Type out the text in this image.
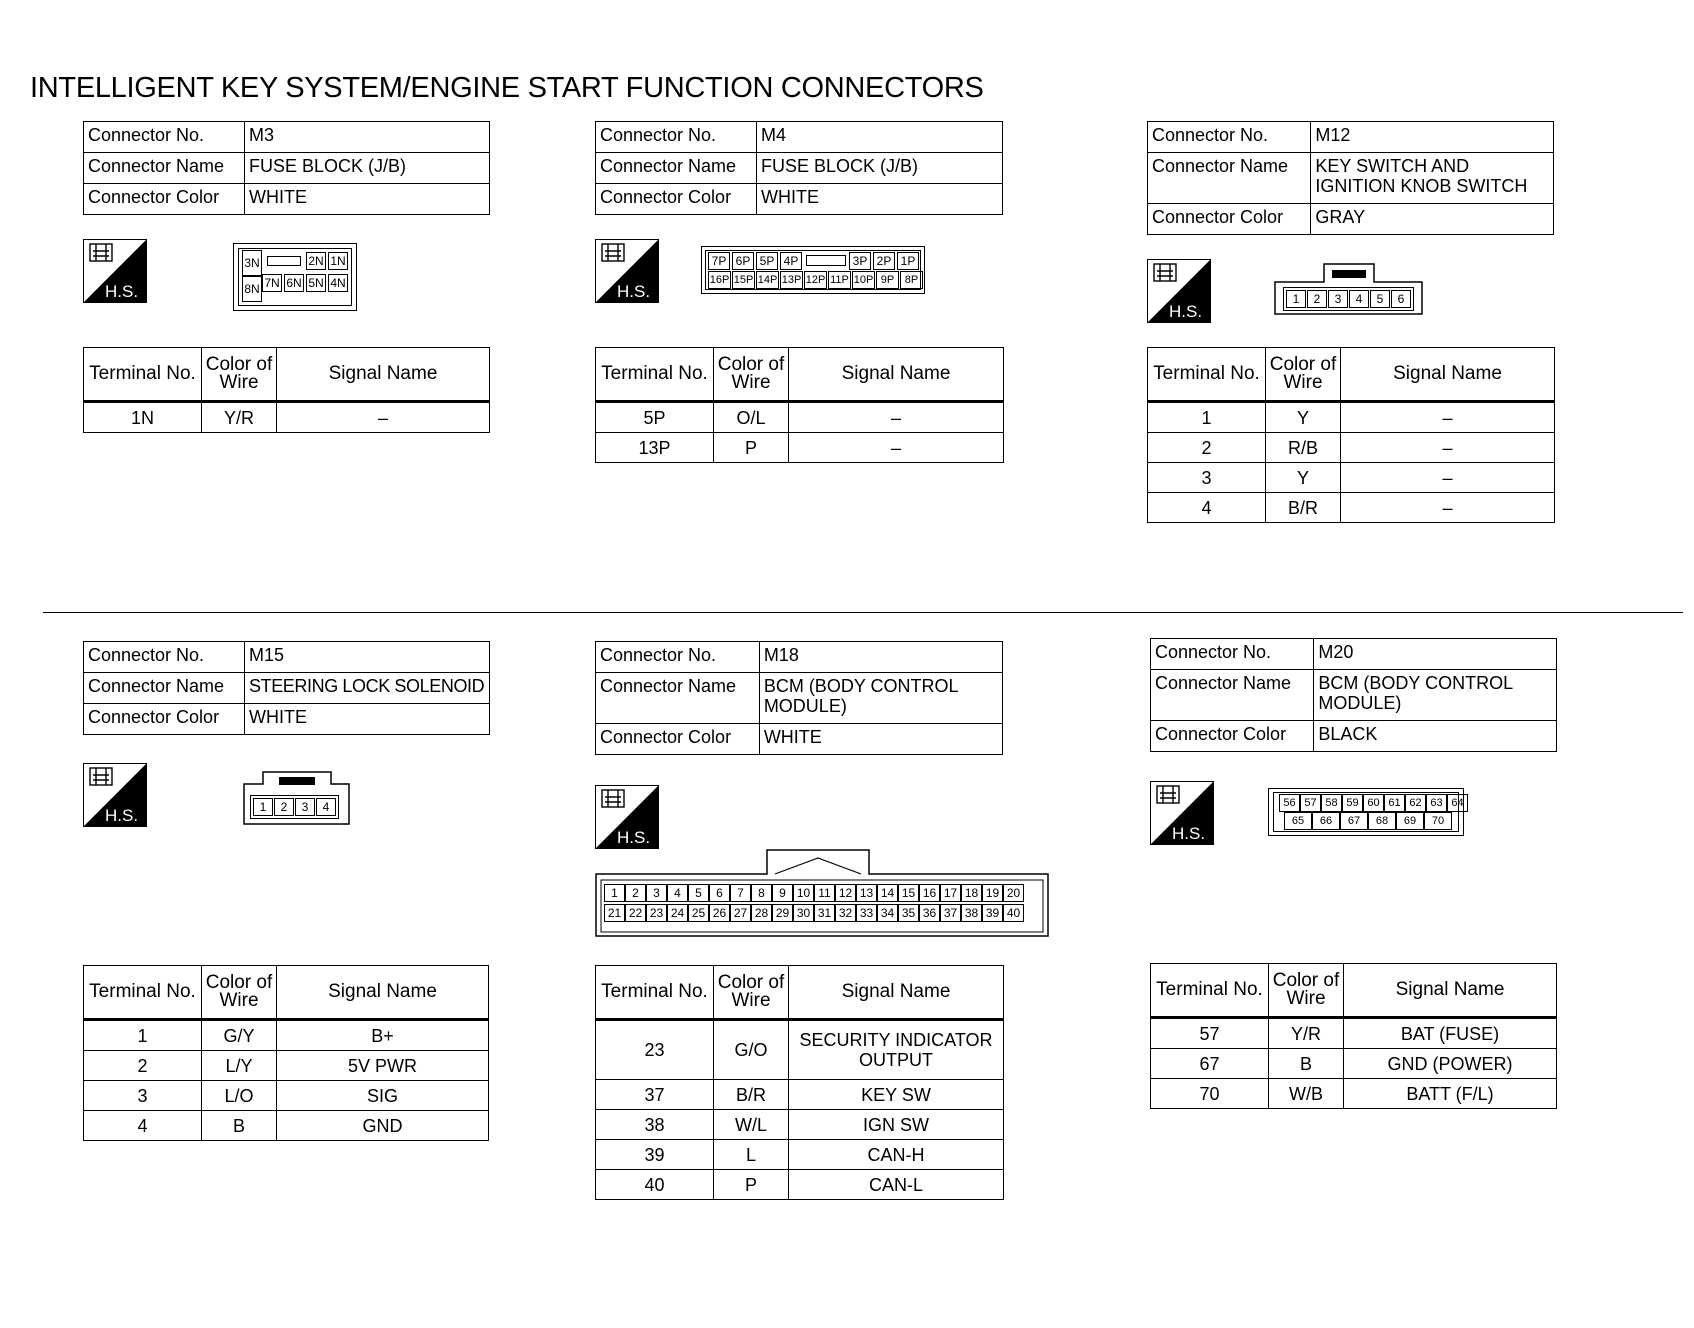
INTELLIGENT KEY SYSTEM/ENGINE START FUNCTION CONNECTORS
Connector No.	M3
Connector Name	FUSE BLOCK (J/B)
Connector Color	WHITE
H.S.
3N
8N
2N 1N
7N 6N 5N 4N
Terminal No.	Color of Wire	Signal Name
1N	Y/R	–
Connector No.	M4
Connector Name	FUSE BLOCK (J/B)
Connector Color	WHITE
H.S.
7P 6P 5P 4P	3P 2P 1P
16P 15P 14P 13P 12P 11P 10P 9P 8P
Terminal No.	Color of Wire	Signal Name
5P	O/L	–
13P	P	–
Connector No.	M12
Connector Name	KEY SWITCH AND IGNITION KNOB SWITCH
Connector Color	GRAY
H.S.
1	2	3	4	5	6
Terminal No.	Color of Wire	Signal Name
1	Y	–
2	R/B	–
3	Y	–
4	B/R	–
Connector No.	M15
Connector Name	STEERING LOCK SOLENOID
Connector Color	WHITE
H.S.	1	2	3	4
Terminal No.	Color of Wire	Signal Name
1	G/Y	B+
2	L/Y	5V PWR
3	L/O	SIG
4	B	GND
Connector No.	M18
Connector Name	BCM (BODY CONTROL MODULE)
Connector Color	WHITE
H.S.
1	2	3	4	5	6	7	8	9 10 11 12 13 14 15 16 17 18 19 20
21 22 23 24 25 26 27 28 29 30 31 32 33 34 35 36 37 38 39 40
Terminal No.	Color of Wire	Signal Name
23	G/O	SECURITY INDICATOR OUTPUT
37	B/R	KEY SW
38	W/L	IGN SW
39	L	CAN-H
40	P	CAN-L
Connector No.	M20
Connector Name	BCM (BODY CONTROL MODULE)
Connector Color	BLACK
H.S.
56 57 58 59 60 61 62 63 64
65	66	67	68	69	70
Terminal No.	Color of Wire	Signal Name
57	Y/R	BAT (FUSE)
67	B	GND (POWER)
70	W/B	BATT (F/L)
